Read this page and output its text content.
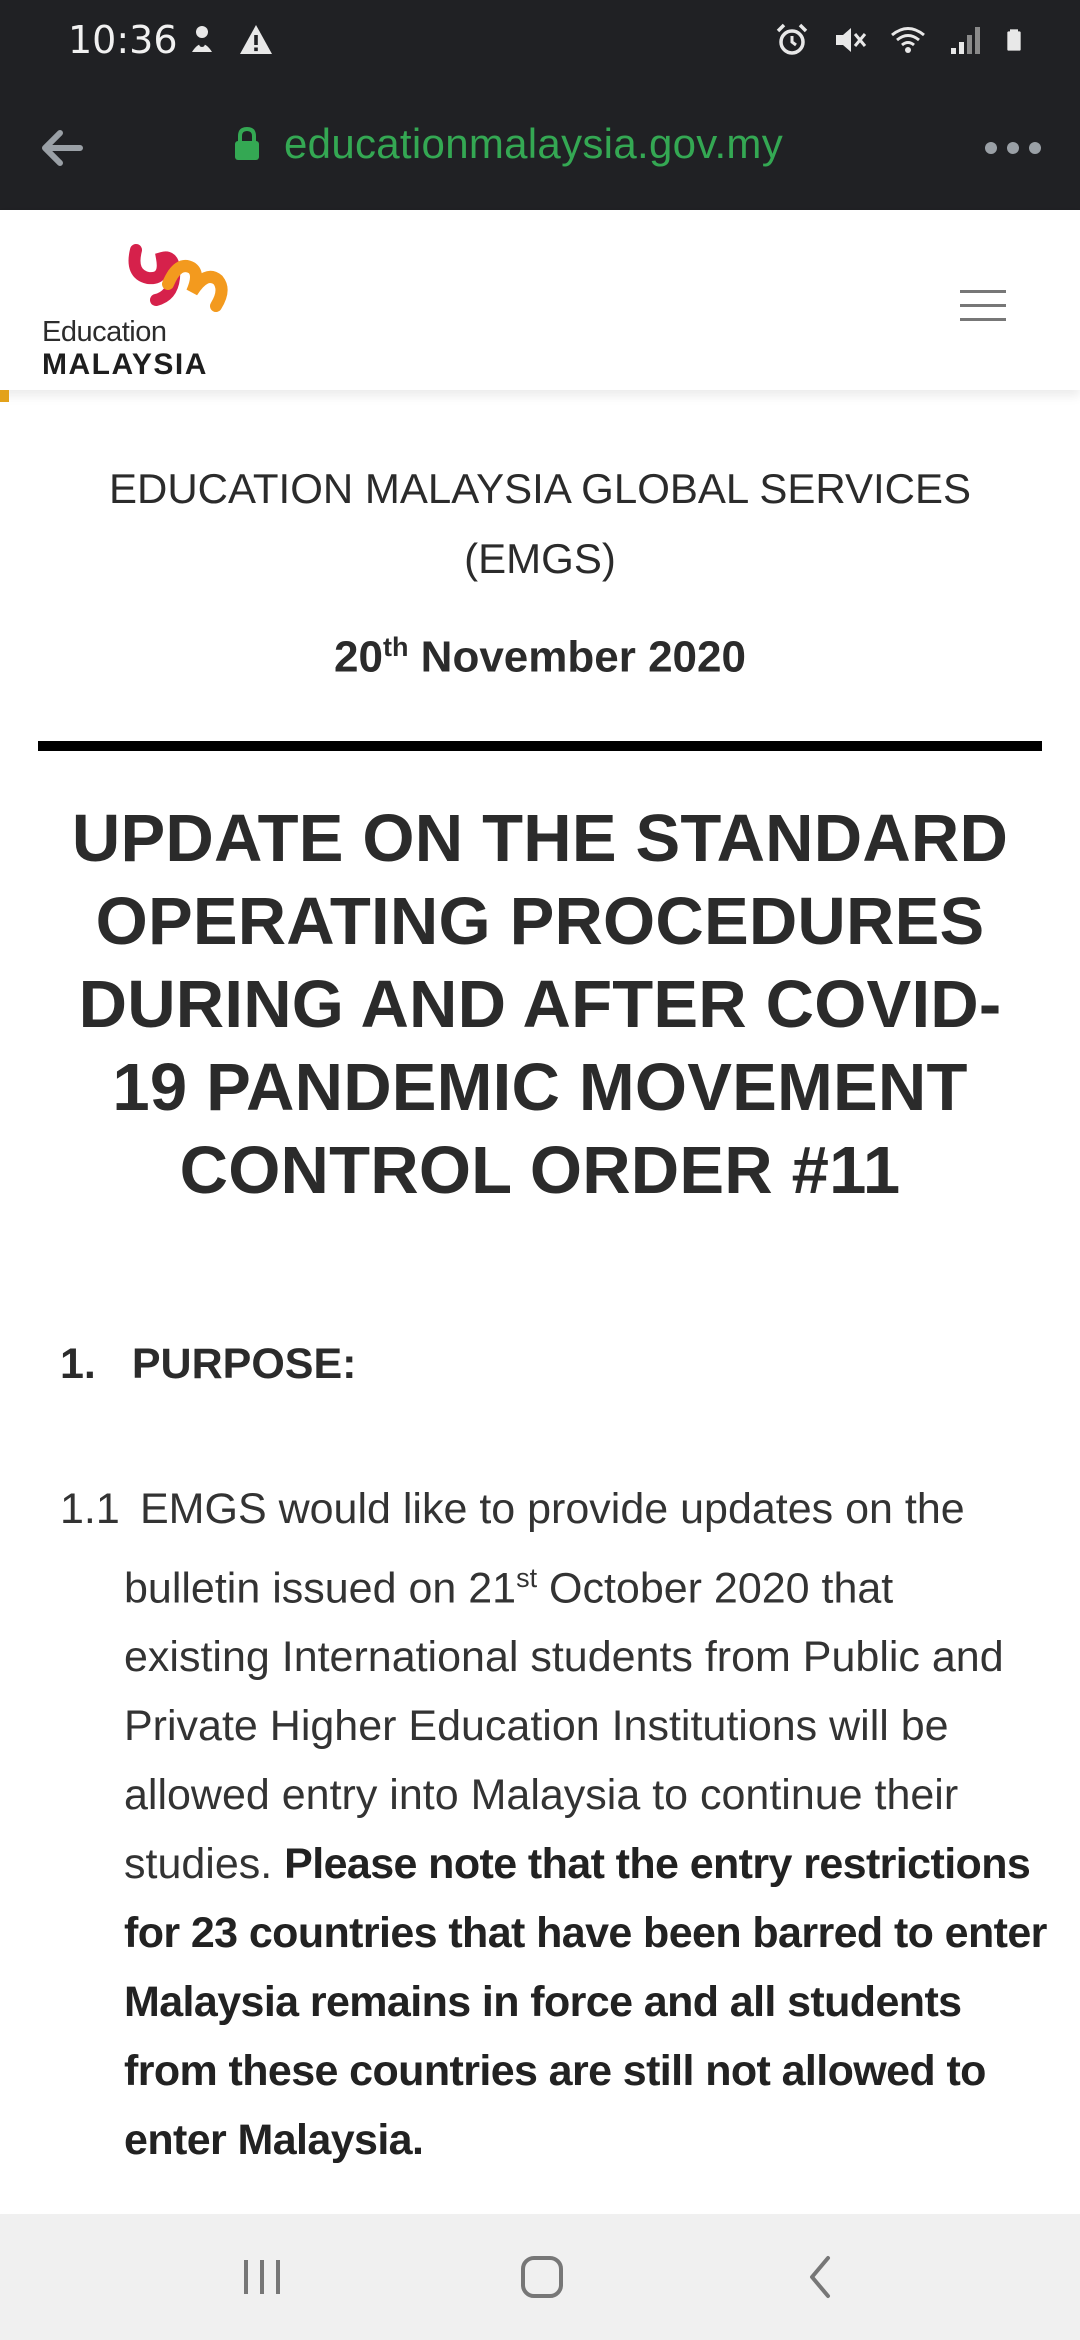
10:36
educationmalaysia.gov.my
Education
MALAYSIA
EDUCATION MALAYSIA GLOBAL SERVICES
(EMGS)
20th November 2020
UPDATE ON THE STANDARD
OPERATING PROCEDURES
DURING AND AFTER COVID-
19 PANDEMIC MOVEMENT
CONTROL ORDER #11
1. PURPOSE:
1.1 EMGS would like to provide updates on the bulletin issued on 21st October 2020 that existing International students from Public and Private Higher Education Institutions will be allowed entry into Malaysia to continue their studies. Please note that the entry restrictions for 23 countries that have been barred to enter Malaysia remains in force and all students from these countries are still not allowed to enter Malaysia.
